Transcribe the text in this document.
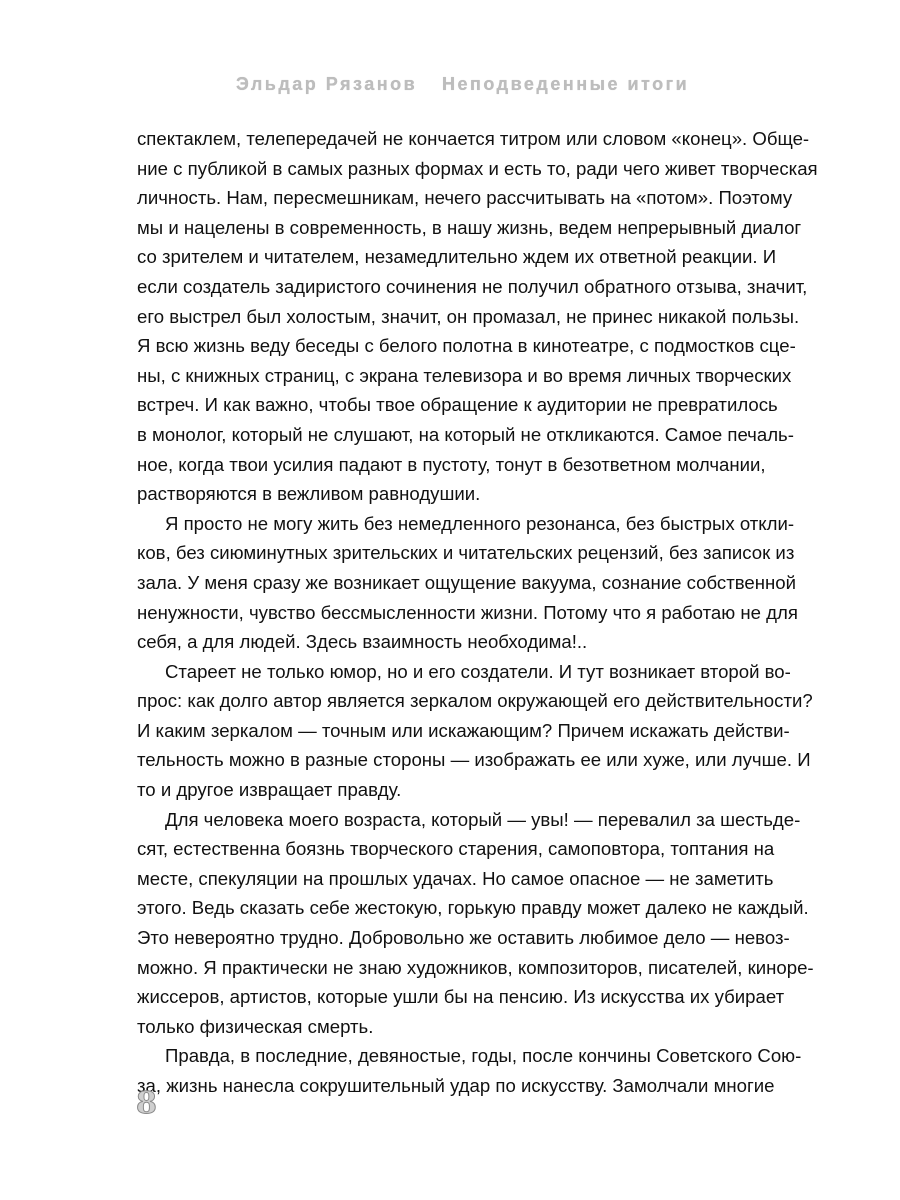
Эльдар Рязанов Неподведенные итоги
спектаклем, телепередачей не кончается титром или словом «конец». Обще-
ние с публикой в самых разных формах и есть то, ради чего живет творческая
личность. Нам, пересмешникам, нечего рассчитывать на «потом». Поэтому
мы и нацелены в современность, в нашу жизнь, ведем непрерывный диалог
со зрителем и читателем, незамедлительно ждем их ответной реакции. И
если создатель задиристого сочинения не получил обратного отзыва, значит,
его выстрел был холостым, значит, он промазал, не принес никакой пользы.
Я всю жизнь веду беседы с белого полотна в кинотеатре, с подмостков сце-
ны, с книжных страниц, с экрана телевизора и во время личных творческих
встреч. И как важно, чтобы твое обращение к аудитории не превратилось
в монолог, который не слушают, на который не откликаются. Самое печаль-
ное, когда твои усилия падают в пустоту, тонут в безответном молчании,
растворяются в вежливом равнодушии.
Я просто не могу жить без немедленного резонанса, без быстрых откли-
ков, без сиюминутных зрительских и читательских рецензий, без записок из
зала. У меня сразу же возникает ощущение вакуума, сознание собственной
ненужности, чувство бессмысленности жизни. Потому что я работаю не для
себя, а для людей. Здесь взаимность необходима!..
Стареет не только юмор, но и его создатели. И тут возникает второй во-
прос: как долго автор является зеркалом окружающей его действительности?
И каким зеркалом — точным или искажающим? Причем искажать действи-
тельность можно в разные стороны — изображать ее или хуже, или лучше. И
то и другое извращает правду.
Для человека моего возраста, который — увы! — перевалил за шестьде-
сят, естественна боязнь творческого старения, самоповтора, топтания на
месте, спекуляции на прошлых удачах. Но самое опасное — не заметить
этого. Ведь сказать себе жестокую, горькую правду может далеко не каждый.
Это невероятно трудно. Добровольно же оставить любимое дело — невоз-
можно. Я практически не знаю художников, композиторов, писателей, киноре-
жиссеров, артистов, которые ушли бы на пенсию. Из искусства их убирает
только физическая смерть.
Правда, в последние, девяностые, годы, после кончины Советского Сою-
за, жизнь нанесла сокрушительный удар по искусству. Замолчали многие
8
